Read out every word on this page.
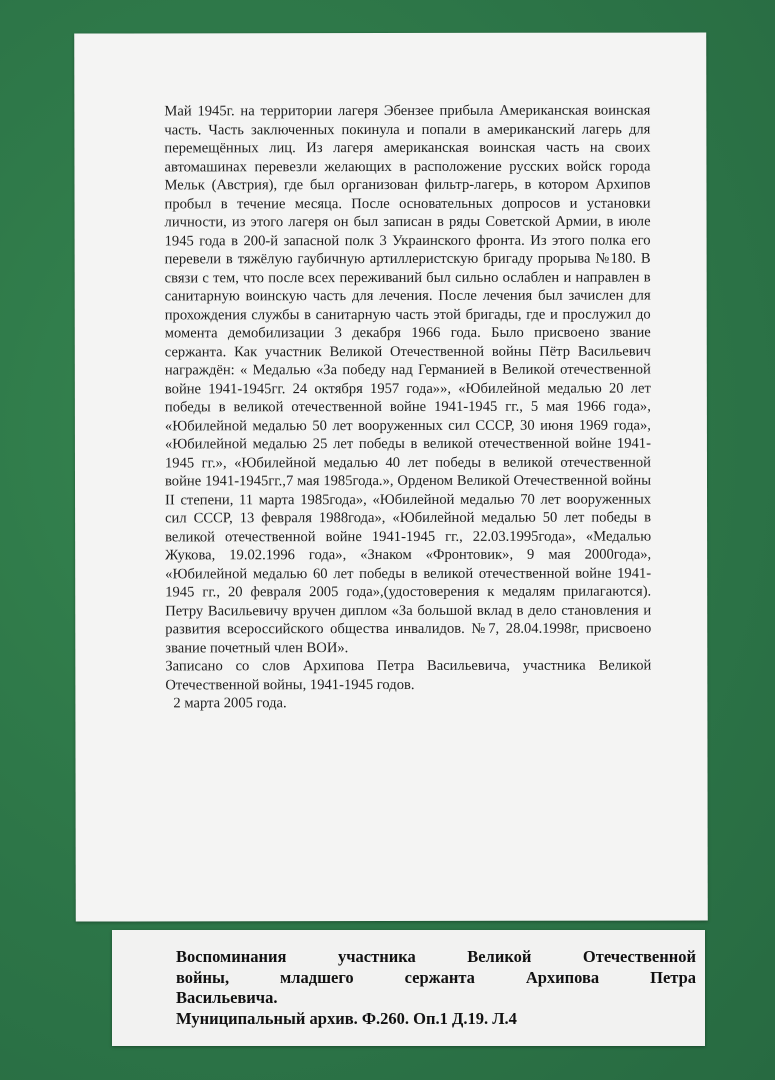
Май 1945г. на территории лагеря Эбензее прибыла Американская воинская часть. Часть заключенных покинула и попали в американский лагерь для перемещённых лиц. Из лагеря американская воинская часть на своих автомашинах перевезли желающих в расположение русских войск города Мельк (Австрия), где был организован фильтр-лагерь, в котором Архипов пробыл в течение месяца. После основательных допросов и установки личности, из этого лагеря он был записан в ряды Советской Армии, в июле 1945 года в 200-й запасной полк 3 Украинского фронта. Из этого полка его перевели в тяжёлую гаубичную артиллеристскую бригаду прорыва №180. В связи с тем, что после всех переживаний был сильно ослаблен и направлен в санитарную воинскую часть для лечения. После лечения был зачислен для прохождения службы в санитарную часть этой бригады, где и прослужил до момента демобилизации 3 декабря 1966 года. Было присвоено звание сержанта. Как участник Великой Отечественной войны Пётр Васильевич награждён: « Медалью «За победу над Германией в Великой отечественной войне 1941-1945гг. 24 октября 1957 года»», «Юбилейной медалью 20 лет победы в великой отечественной войне 1941-1945 гг., 5 мая 1966 года», «Юбилейной медалью 50 лет вооруженных сил СССР, 30 июня 1969 года», «Юбилейной медалью 25 лет победы в великой отечественной войне 1941-1945 гг.», «Юбилейной медалью 40 лет победы в великой отечественной войне 1941-1945гг.,7 мая 1985года.», Орденом Великой Отечественной войны II степени, 11 марта 1985года», «Юбилейной медалью 70 лет вооруженных сил СССР, 13 февраля 1988года», «Юбилейной медалью 50 лет победы в великой отечественной войне 1941-1945 гг., 22.03.1995года», «Медалью Жукова, 19.02.1996 года», «Знаком «Фронтовик», 9 мая 2000года», «Юбилейной медалью 60 лет победы в великой отечественной войне 1941-1945 гг., 20 февраля 2005 года»,(удостоверения к медалям прилагаются). Петру Васильевичу вручен диплом «За большой вклад в дело становления и развития всероссийского общества инвалидов. №7, 28.04.1998г, присвоено звание почетный член ВОИ».

Записано со слов Архипова Петра Васильевича, участника Великой Отечественной войны, 1941-1945 годов.

2 марта 2005 года.

Воспоминания участника Великой Отечественной
войны, младшего сержанта Архипова Петра
Васильевича.
Муниципальный архив. Ф.260. Оп.1 Д.19. Л.4
